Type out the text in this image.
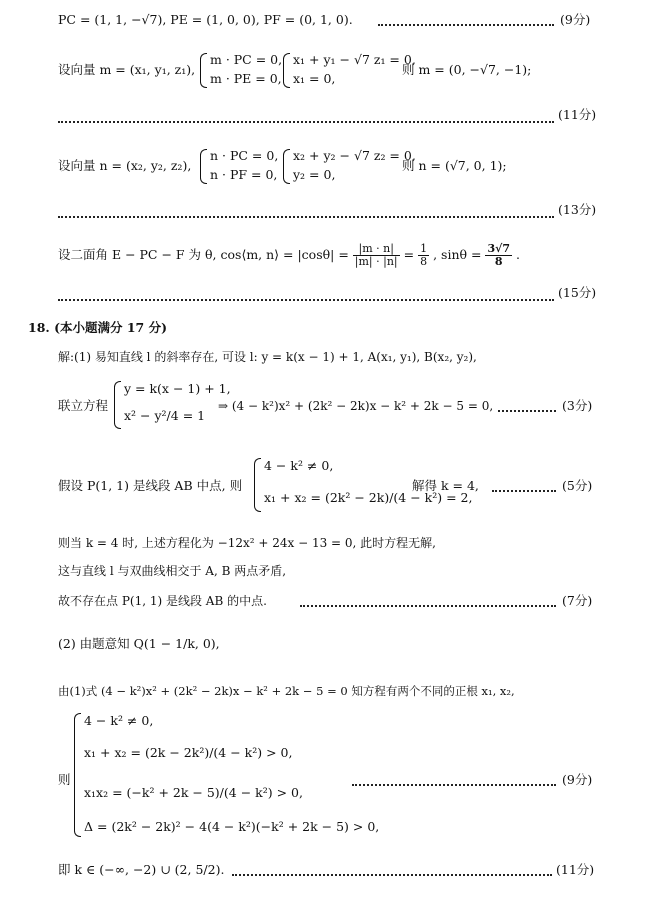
PC = (1, 1, −√7), PE = (1, 0, 0), PF = (0, 1, 0).	(9分)
设向量 m = (x₁, y₁, z₁),
m · PC = 0,
m · PE = 0,
x₁ + y₁ − √7 z₁ = 0,
x₁ = 0,
则 m = (0, −√7, −1);
(11分)
设向量 n = (x₂, y₂, z₂),
n · PC = 0,
n · PF = 0,
x₂ + y₂ − √7 z₂ = 0,
y₂ = 0,
则 n = (√7, 0, 1);
(13分)
设二面角 E − PC − F 为 θ, cos⟨m, n⟩ = $|\cos\theta| = \frac{|m \cdot n|}{|m| \cdot |n|} = \frac{1}{8}$ , $\sin\theta = \frac{3√7}{8}$ .
(15分)
18. (本小题满分 17 分)
解:(1) 易知直线 l 的斜率存在, 可设 l: y = k(x − 1) + 1, A(x₁, y₁), B(x₂, y₂),
联立方程
y = k(x − 1) + 1,
x² − y²/4 = 1
⇒ (4 − k²)x² + (2k² − 2k)x − k² + 2k − 5 = 0,	(3分)
假设 P(1, 1) 是线段 AB 中点, 则
4 − k² ≠ 0,
x₁ + x₂ = (2k² − 2k)/(4 − k²) = 2,
解得 k = 4,	(5分)
则当 k = 4 时, 上述方程化为 −12x² + 24x − 13 = 0, 此时方程无解,
这与直线 l 与双曲线相交于 A, B 两点矛盾,
故不存在点 P(1, 1) 是线段 AB 的中点.	(7分)
(2) 由题意知 Q(1 − 1/k, 0),
由(1)式 (4 − k²)x² + (2k² − 2k)x − k² + 2k − 5 = 0 知方程有两个不同的正根 x₁, x₂,
则
4 − k² ≠ 0,
x₁ + x₂ = (2k − 2k²)/(4 − k²) > 0,
x₁x₂ = (−k² + 2k − 5)/(4 − k²) > 0,
Δ = (2k² − 2k)² − 4(4 − k²)(−k² + 2k − 5) > 0,
(9分)
即 k ∈ (−∞, −2) ∪ (2, 5/2).	(11分)
